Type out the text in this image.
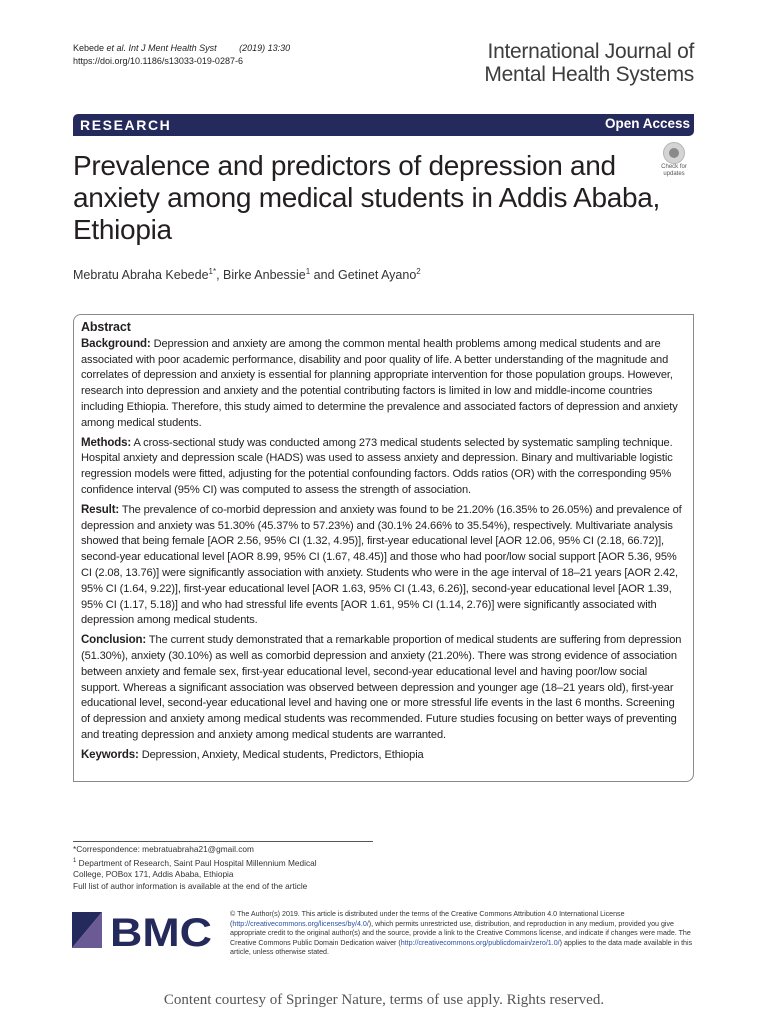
Kebede et al. Int J Ment Health Syst	(2019) 13:30
https://doi.org/10.1186/s13033-019-0287-6	International Journal of
Mental Health Systems
RESEARCH	Open Access
Prevalence and predictors of depression and anxiety among medical students in Addis Ababa, Ethiopia
Check for
updates
Mebratu Abraha Kebede$^{1*}$, Birke Anbessie$^1$ and Getinet Ayano$^2$
Abstract

Background: Depression and anxiety are among the common mental health problems among medical students and are associated with poor academic performance, disability and poor quality of life. A better understanding of the magnitude and correlates of depression and anxiety is essential for planning appropriate intervention for those population groups. However, research into depression and anxiety and the potential contributing factors is limited in low and middle-income countries including Ethiopia. Therefore, this study aimed to determine the prevalence and associated factors of depression and anxiety among medical students.

Methods: A cross-sectional study was conducted among 273 medical students selected by systematic sampling technique. Hospital anxiety and depression scale (HADS) was used to assess anxiety and depression. Binary and multivariable logistic regression models were fitted, adjusting for the potential confounding factors. Odds ratios (OR) with the corresponding 95% confidence interval (95% CI) was computed to assess the strength of association.

Result: The prevalence of co-morbid depression and anxiety was found to be 21.20% (16.35% to 26.05%) and prevalence of depression and anxiety was 51.30% (45.37% to 57.23%) and (30.1% 24.66% to 35.54%), respectively. Multivariate analysis showed that being female [AOR 2.56, 95% CI (1.32, 4.95)], first-year educational level [AOR 12.06, 95% CI (2.18, 66.72)], second-year educational level [AOR 8.99, 95% CI (1.67, 48.45)] and those who had poor/low social support [AOR 5.36, 95% CI (2.08, 13.76)] were significantly association with anxiety. Students who were in the age interval of 18–21 years [AOR 2.42, 95% CI (1.64, 9.22)], first-year educational level [AOR 1.63, 95% CI (1.43, 6.26)], second-year educational level [AOR 1.39, 95% CI (1.17, 5.18)] and who had stressful life events [AOR 1.61, 95% CI (1.14, 2.76)] were significantly associated with depression among medical students.

Conclusion: The current study demonstrated that a remarkable proportion of medical students are suffering from depression (51.30%), anxiety (30.10%) as well as comorbid depression and anxiety (21.20%). There was strong evidence of association between anxiety and female sex, first-year educational level, second-year educational level and having poor/low social support. Whereas a significant association was observed between depression and younger age (18–21 years old), first-year educational level, second-year educational level and having one or more stressful life events in the last 6 months. Screening of depression and anxiety among medical students was recommended. Future studies focusing on better ways of preventing and treating depression and anxiety among medical students are warranted.

Keywords: Depression, Anxiety, Medical students, Predictors, Ethiopia

*Correspondence: mebratuabraha21@gmail.com
$^1$ Department of Research, Saint Paul Hospital Millennium Medical
College, POBox 171, Addis Ababa, Ethiopia
Full list of author information is available at the end of the article
BMC	© The Author(s) 2019. This article is distributed under the terms of the Creative Commons Attribution 4.0 International License (http://creativecommons.org/licenses/by/4.0/), which permits unrestricted use, distribution, and reproduction in any medium, provided you give appropriate credit to the original author(s) and the source, provide a link to the Creative Commons license, and indicate if changes were made. The Creative Commons Public Domain Dedication waiver (http://creativecommons.org/publicdomain/zero/1.0/) applies to the data made available in this article, unless otherwise stated.
Content courtesy of Springer Nature, terms of use apply. Rights reserved.
